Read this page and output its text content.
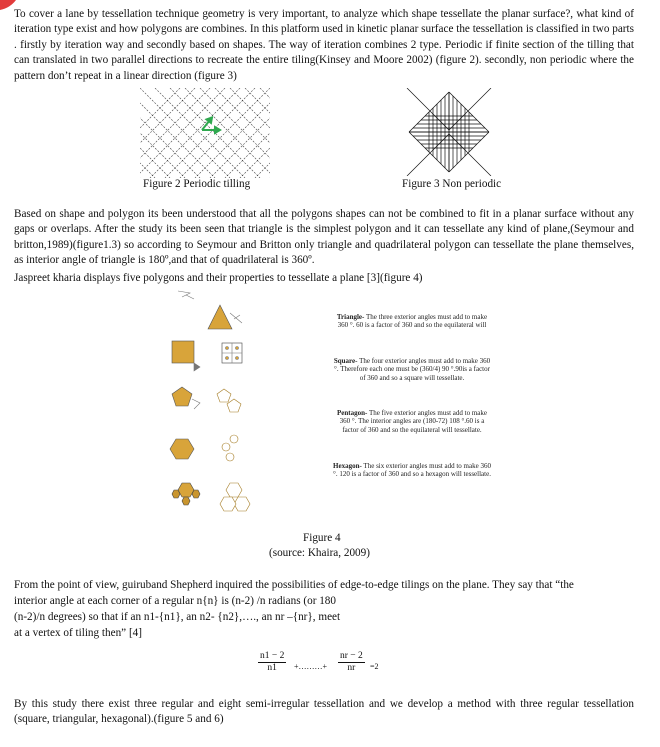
To cover a lane by tessellation technique geometry is very important, to analyze which shape tessellate the planar surface?, what kind of iteration type exist and how polygons are combines. In this platform used in kinetic planar surface the tessellation is classified in two parts . firstly by iteration way and secondly based on shapes. The way of iteration combines 2 type. Periodic if finite section of the tilling that can translated in two parallel directions to recreate the entire tiling(Kinsey and Moore 2002) (figure 2). secondly, non periodic where the pattern don’t repeat in a linear direction (figure 3)

Figure 2 Periodic tilling	Figure 3 Non periodic

Based on shape and polygon its been understood that all the polygons shapes can not be combined to fit in a planar surface without any gaps or overlaps. After the study its been seen that triangle is the simplest polygon and it can tessellate any kind of plane,(Seymour and britton,1989)(figure1.3) so according to Seymour and Britton only triangle and quadrilateral polygon can tessellate the plane themselves, as interior angle of triangle is 180º,and that of quadrilateral is 360º.

Jaspreet kharia displays five polygons and their properties to tessellate a plane [3](figure 4)

Triangle- The three exterior angles must add to make 360 °. 60 is a factor of 360 and so the equilateral will
Square- The four exterior angles must add to make 360 °. Therefore each one must be (360/4) 90 °.90is a factor of 360 and so a square will tessellate.
Pentagon- The five exterior angles must add to make 360 °. The interior angles are (180-72) 108 °.60 is a factor of 360 and so the equilateral will tessellate.
Hexagon- The six exterior angles must add to make 360 °. 120 is a factor of 360 and so a hexagon will tessellate.
Figure 4
(source: Khaira, 2009)

From the point of view, guiruband Shepherd inquired the possibilities of edge-to-edge tilings on the plane. They say that “the

interior angle at each corner of a regular n{n} is (n-2) /n radians (or 180

(n-2)/n degrees) so that if an n1-{n1}, an n2- {n2},…., an nr –{nr}, meet

at a vertex of tiling then” [4]

$\frac{n1 - 2}{n1}$ +………+ $\frac{nr - 2}{nr} =2$

By this study there exist three regular and eight semi-irregular tessellation and we develop a method with three regular tessellation (square, triangular, hexagonal).(figure 5 and 6)
